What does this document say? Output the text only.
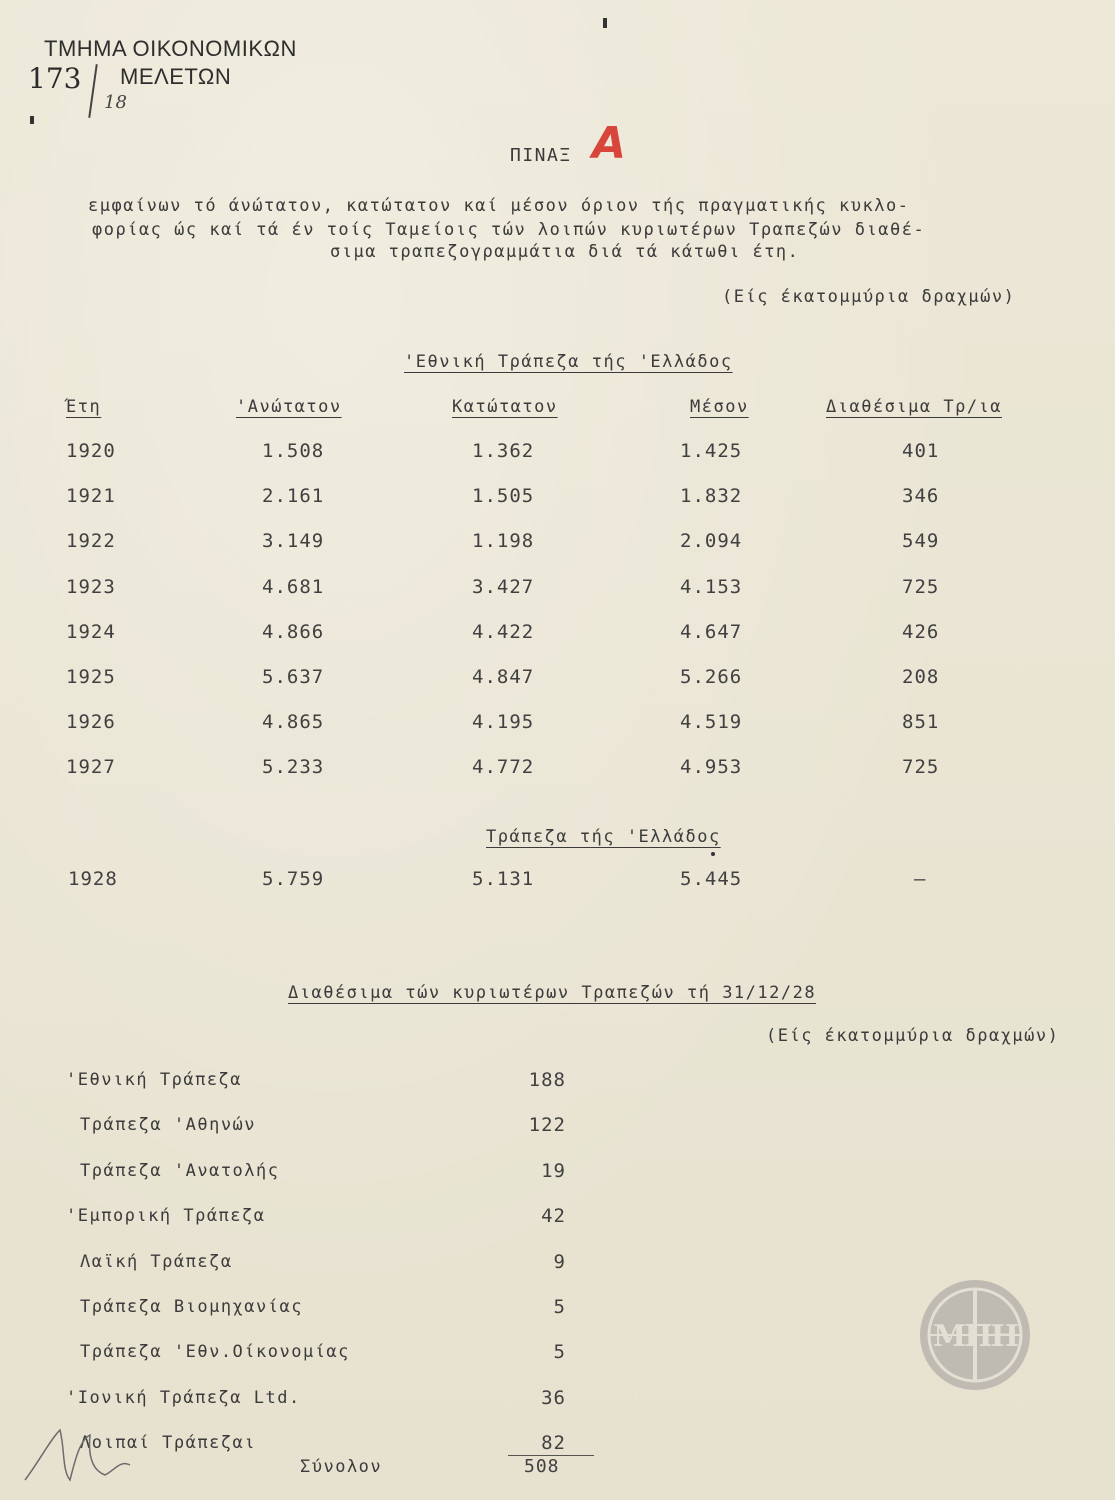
ΤΜΗΜΑ ΟΙΚΟΝΟΜΙΚΩΝ
ΜΕΛΕΤΩΝ
173
18
ΠΙΝΑΞ A
εμφαίνων τό άνώτατον, κατώτατον καί μέσον όριον τής πραγματικής κυκλο-
φορίας ώς καί τά έν τοίς Ταμείοις τών λοιπών κυριωτέρων Τραπεζών διαθέ-
σιμα τραπεζογραμμάτια διά τά κάτωθι έτη.
(Είς έκατομμύρια δραχμών)
'Εθνική Τράπεζα τής 'Ελλάδος
Έτη	'Ανώτατον	Κατώτατον	Μέσον	Διαθέσιμα Τρ/ια
1920	1.508	1.362	1.425	401
1921	2.161	1.505	1.832	346
1922	3.149	1.198	2.094	549
1923	4.681	3.427	4.153	725
1924	4.866	4.422	4.647	426
1925	5.637	4.847	5.266	208
1926	4.865	4.195	4.519	851
1927	5.233	4.772	4.953	725
Τράπεζα τής 'Ελλάδος
1928	5.759	5.131	5.445	–
Διαθέσιμα τών κυριωτέρων Τραπεζών τή 31/12/28
(Είς έκατομμύρια δραχμών)
'Εθνική Τράπεζα	188
Τράπεζα 'Αθηνών	122
Τράπεζα 'Ανατολής	19
'Εμπορική Τράπεζα	42
Λαϊκή Τράπεζα	9
Τράπεζα Βιομηχανίας	5
Τράπεζα 'Εθν.Οίκονομίας	5
'Ιονική Τράπεζα Ltd.	36
Λοιπαί Τράπεζαι	82
Σύνολον	508
ΜΠΗ
